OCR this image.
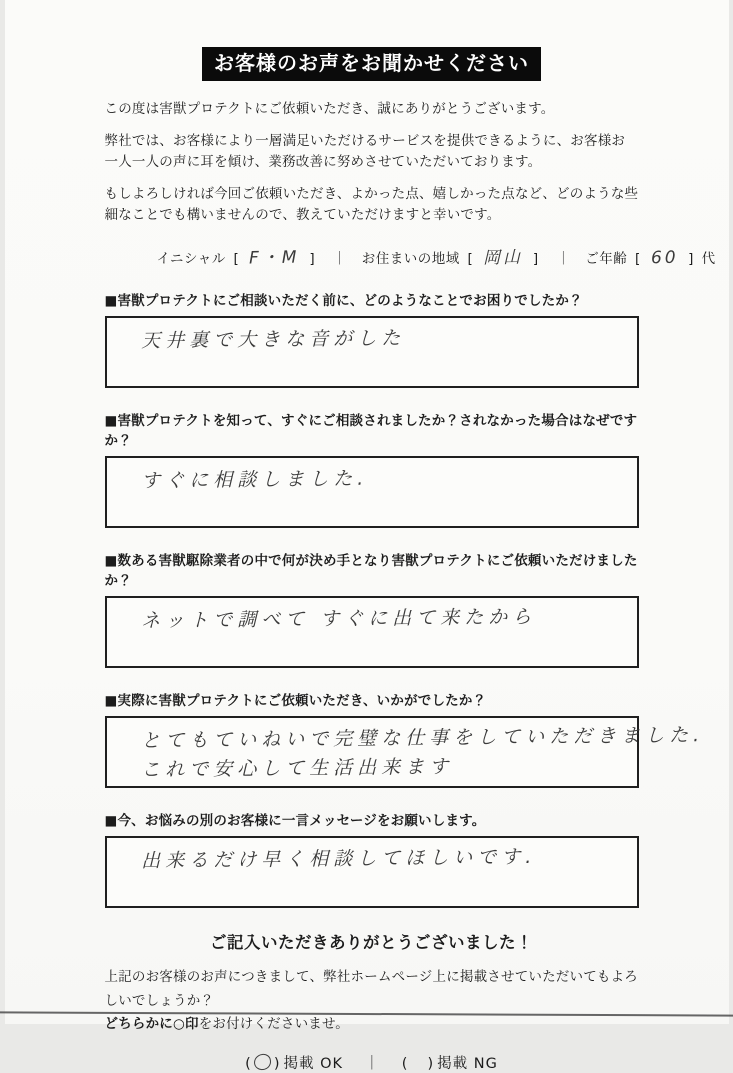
お客様のお声をお聞かせください

この度は害獣プロテクトにご依頼いただき、誠にありがとうございます。

弊社では、お客様により一層満足いただけるサービスを提供できるように、お客様お一人一人の声に耳を傾け、業務改善に努めさせていただいております。

もしよろしければ今回ご依頼いただき、よかった点、嬉しかった点など、どのような些細なことでも構いませんので、教えていただけますと幸いです。

イニシャル [ F・M ] ｜ お住まいの地域 [ 岡山 ] ｜ ご年齢 [ 60 ] 代
■害獣プロテクトにご相談いただく前に、どのようなことでお困りでしたか？
天井裏で大きな音がした
■害獣プロテクトを知って、すぐにご相談されましたか？されなかった場合はなぜですか？
すぐに相談しました.
■数ある害獣駆除業者の中で何が決め手となり害獣プロテクトにご依頼いただけましたか？
ネットで調べて すぐに出て来たから
■実際に害獣プロテクトにご依頼いただき、いかがでしたか？
とてもていねいで完璧な仕事をしていただきました.
これで安心して生活出来ます
■今、お悩みの別のお客様に一言メッセージをお願いします。
出来るだけ早く相談してほしいです.
ご記入いただきありがとうございました！
上記のお客様のお声につきまして、弊社ホームページ上に掲載させていただいてもよろしいでしょうか？
どちらかに○印をお付けくださいませ。
( ) 掲載 OK ｜ ( ) 掲載 NG
